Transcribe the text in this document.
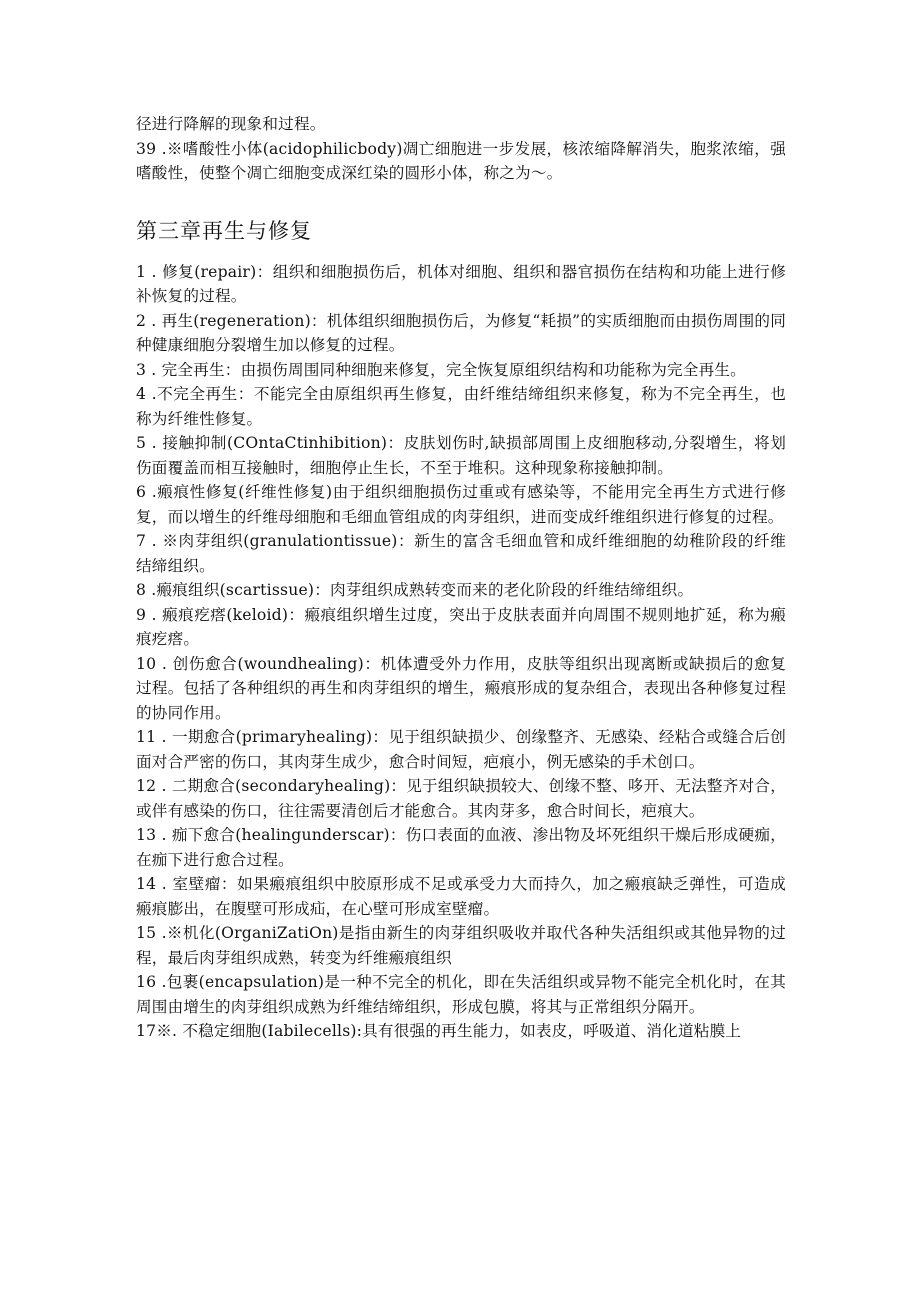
径进行降解的现象和过程。

39 .※嗜酸性小体(acidophilicbody)凋亡细胞进一步发展，核浓缩降解消失，胞浆浓缩，强嗜酸性，使整个凋亡细胞变成深红染的圆形小体，称之为～。

第三章再生与修复

1 . 修复(repair)：组织和细胞损伤后，机体对细胞、组织和器官损伤在结构和功能上进行修补恢复的过程。

2 . 再生(regeneration)：机体组织细胞损伤后，为修复“耗损”的实质细胞而由损伤周围的同种健康细胞分裂增生加以修复的过程。

3 . 完全再生：由损伤周围同种细胞来修复，完全恢复原组织结构和功能称为完全再生。

4 .不完全再生：不能完全由原组织再生修复，由纤维结缔组织来修复，称为不完全再生，也称为纤维性修复。

5 . 接触抑制(COntaCtinhibition)：皮肤划伤时,缺损部周围上皮细胞移动,分裂增生，将划伤面覆盖而相互接触时，细胞停止生长，不至于堆积。这种现象称接触抑制。

6 .瘢痕性修复(纤维性修复)由于组织细胞损伤过重或有感染等，不能用完全再生方式进行修复，而以增生的纤维母细胞和毛细血管组成的肉芽组织，进而变成纤维组织进行修复的过程。

7 . ※肉芽组织(granulationtissue)：新生的富含毛细血管和成纤维细胞的幼稚阶段的纤维结缔组织。

8 .瘢痕组织(scartissue)：肉芽组织成熟转变而来的老化阶段的纤维结缔组织。

9 . 瘢痕疙瘩(keloid)：瘢痕组织增生过度，突出于皮肤表面并向周围不规则地扩延，称为瘢痕疙瘩。

10 . 创伤愈合(woundhealing)：机体遭受外力作用，皮肤等组织出现离断或缺损后的愈复过程。包括了各种组织的再生和肉芽组织的增生，瘢痕形成的复杂组合，表现出各种修复过程的协同作用。

11 . 一期愈合(primaryhealing)：见于组织缺损少、创缘整齐、无感染、经粘合或缝合后创面对合严密的伤口，其肉芽生成少，愈合时间短，疤痕小，例无感染的手术创口。

12 . 二期愈合(secondaryhealing)：见于组织缺损较大、创缘不整、哆开、无法整齐对合，或伴有感染的伤口，往往需要清创后才能愈合。其肉芽多，愈合时间长，疤痕大。

13 . 痂下愈合(healingunderscar)：伤口表面的血液、渗出物及坏死组织干燥后形成硬痂，在痂下进行愈合过程。

14 . 室壁瘤：如果瘢痕组织中胶原形成不足或承受力大而持久，加之瘢痕缺乏弹性，可造成瘢痕膨出，在腹壁可形成疝，在心壁可形成室壁瘤。

15 .※机化(OrganiZatiOn)是指由新生的肉芽组织吸收并取代各种失活组织或其他异物的过程，最后肉芽组织成熟，转变为纤维瘢痕组织

16 .包裹(encapsulation)是一种不完全的机化，即在失活组织或异物不能完全机化时，在其周围由增生的肉芽组织成熟为纤维结缔组织，形成包膜，将其与正常组织分隔开。

17※. 不稳定细胞(Iabilecells):具有很强的再生能力，如表皮，呼吸道、消化道粘膜上
